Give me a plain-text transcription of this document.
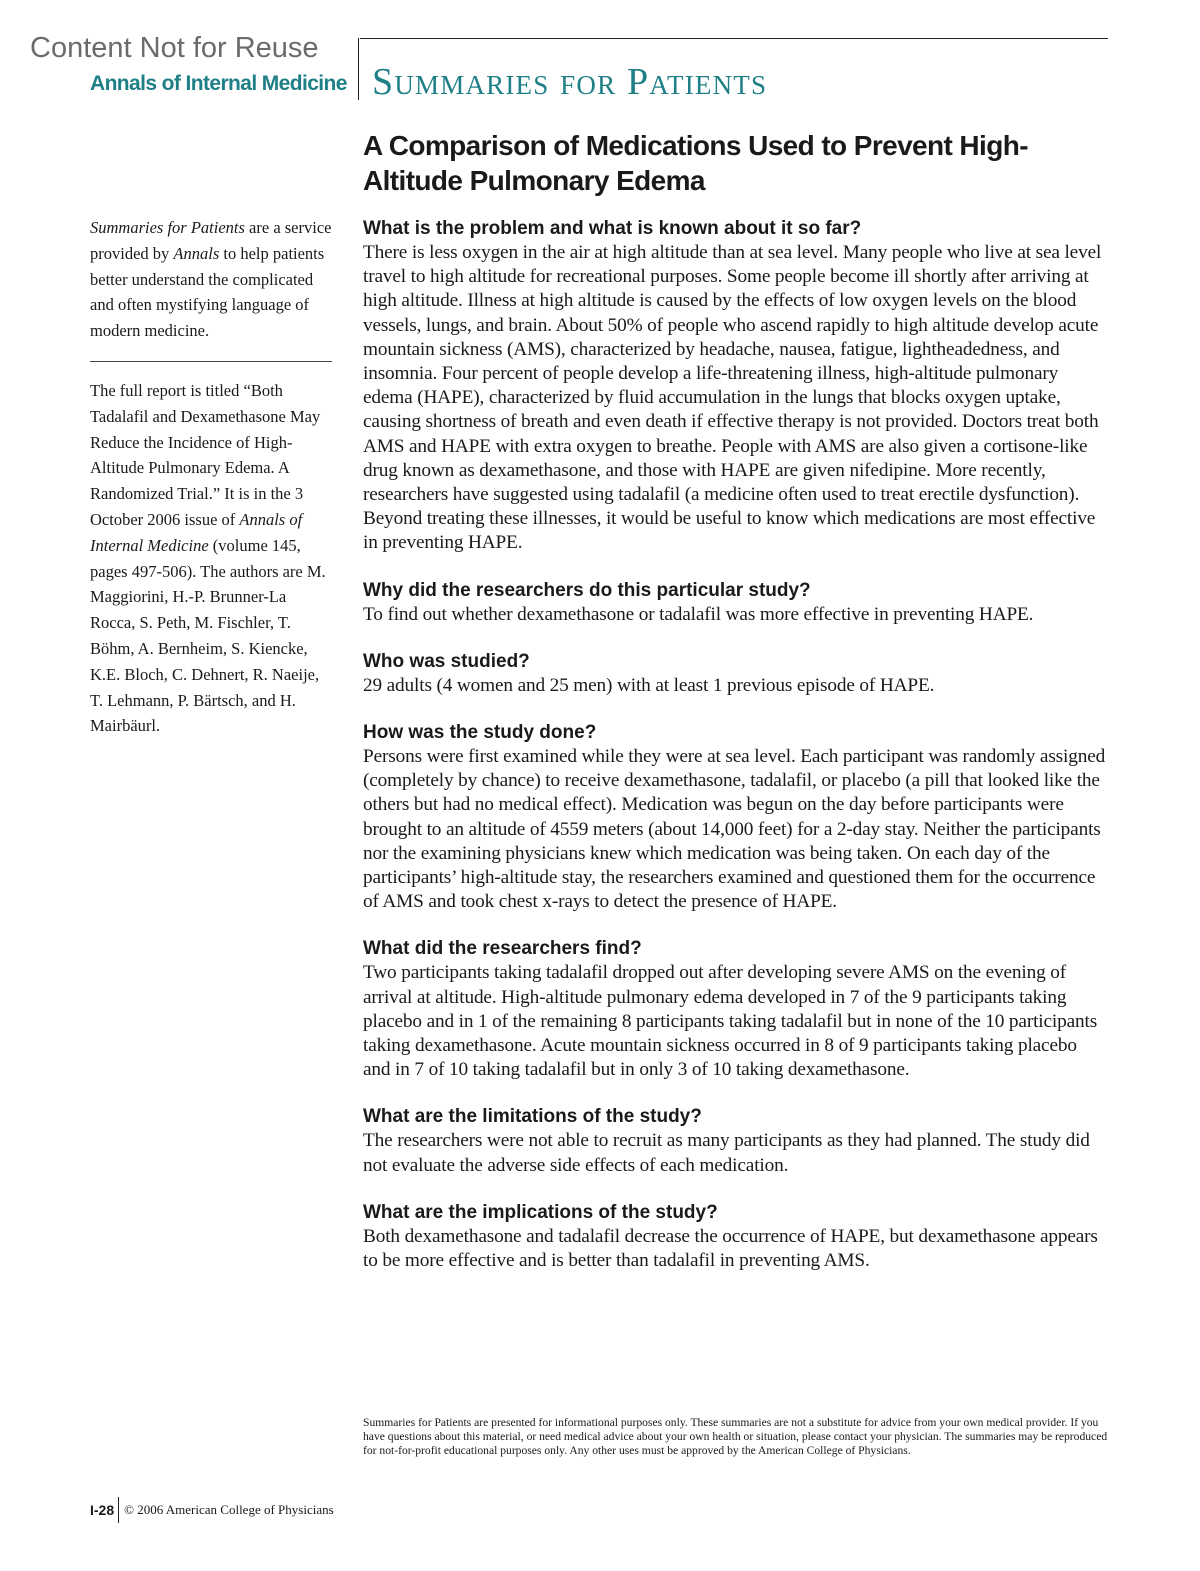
Content Not for Reuse
Annals of Internal Medicine Summaries for Patients
A Comparison of Medications Used to Prevent High-Altitude Pulmonary Edema
Summaries for Patients are a service provided by Annals to help patients better understand the complicated and often mystifying language of modern medicine.
The full report is titled “Both Tadalafil and Dexamethasone May Reduce the Incidence of High-Altitude Pulmonary Edema. A Randomized Trial.” It is in the 3 October 2006 issue of Annals of Internal Medicine (volume 145, pages 497-506). The authors are M. Maggiorini, H.-P. Brunner-La Rocca, S. Peth, M. Fischler, T. Böhm, A. Bernheim, S. Kiencke, K.E. Bloch, C. Dehnert, R. Naeije, T. Lehmann, P. Bärtsch, and H. Mairbäurl.
What is the problem and what is known about it so far?

There is less oxygen in the air at high altitude than at sea level. Many people who live at sea level travel to high altitude for recreational purposes. Some people become ill shortly after arriving at high altitude. Illness at high altitude is caused by the effects of low oxygen levels on the blood vessels, lungs, and brain. About 50% of people who ascend rapidly to high altitude develop acute mountain sickness (AMS), characterized by headache, nausea, fatigue, lightheadedness, and insomnia. Four percent of people develop a life-threatening illness, high-altitude pulmonary edema (HAPE), characterized by fluid accumulation in the lungs that blocks oxygen uptake, causing shortness of breath and even death if effective therapy is not provided. Doctors treat both AMS and HAPE with extra oxygen to breathe. People with AMS are also given a cortisone-like drug known as dexamethasone, and those with HAPE are given nifedipine. More recently, researchers have suggested using tadalafil (a medicine often used to treat erectile dysfunction). Beyond treating these illnesses, it would be useful to know which medications are most effective in preventing HAPE.

Why did the researchers do this particular study?

To find out whether dexamethasone or tadalafil was more effective in preventing HAPE.

Who was studied?

29 adults (4 women and 25 men) with at least 1 previous episode of HAPE.

How was the study done?

Persons were first examined while they were at sea level. Each participant was randomly assigned (completely by chance) to receive dexamethasone, tadalafil, or placebo (a pill that looked like the others but had no medical effect). Medication was begun on the day before participants were brought to an altitude of 4559 meters (about 14,000 feet) for a 2-day stay. Neither the participants nor the examining physicians knew which medication was being taken. On each day of the participants’ high-altitude stay, the researchers examined and questioned them for the occurrence of AMS and took chest x-rays to detect the presence of HAPE.

What did the researchers find?

Two participants taking tadalafil dropped out after developing severe AMS on the evening of arrival at altitude. High-altitude pulmonary edema developed in 7 of the 9 participants taking placebo and in 1 of the remaining 8 participants taking tadalafil but in none of the 10 participants taking dexamethasone. Acute mountain sickness occurred in 8 of 9 participants taking placebo and in 7 of 10 taking tadalafil but in only 3 of 10 taking dexamethasone.

What are the limitations of the study?

The researchers were not able to recruit as many participants as they had planned. The study did not evaluate the adverse side effects of each medication.

What are the implications of the study?

Both dexamethasone and tadalafil decrease the occurrence of HAPE, but dexamethasone appears to be more effective and is better than tadalafil in preventing AMS.

Summaries for Patients are presented for informational purposes only. These summaries are not a substitute for advice from your own medical provider. If you have questions about this material, or need medical advice about your own health or situation, please contact your physician. The summaries may be reproduced for not-for-profit educational purposes only. Any other uses must be approved by the American College of Physicians.
I-28 © 2006 American College of Physicians
